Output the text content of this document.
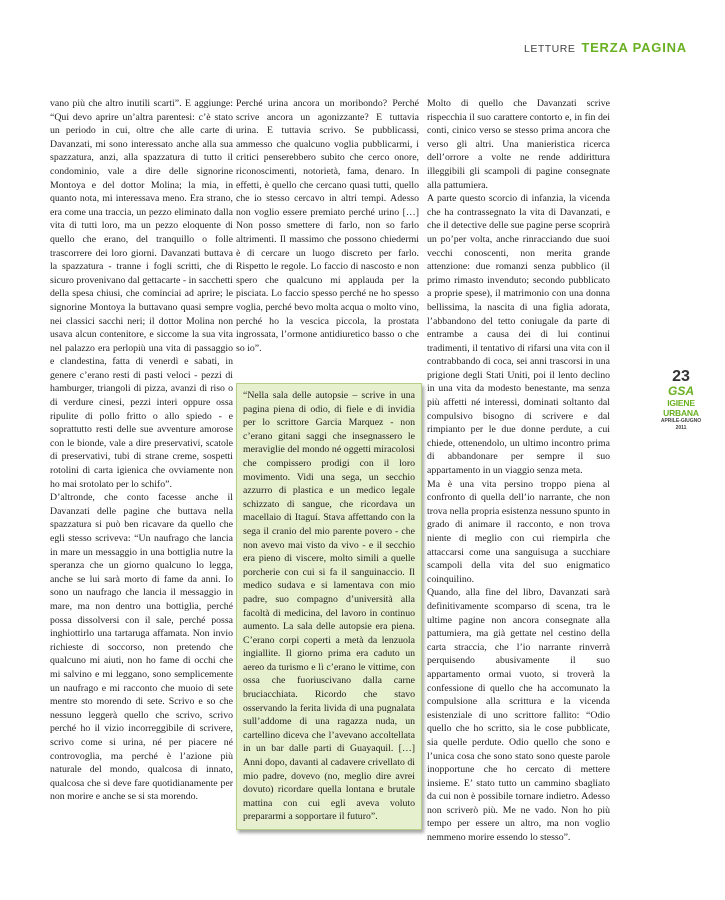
LETTURE TERZA PAGINA

vano più che altro inutili scarti”. E aggiunge: “Qui devo aprire un’altra parentesi: c’è stato un periodo in cui, oltre che alle carte di Davanzati, mi sono interessato anche alla sua spazzatura, anzi, alla spazzatura di tutto il condominio, vale a dire delle signorine Montoya e del dottor Molina; la mia, in quanto nota, mi interessava meno. Era strano, era come una traccia, un pezzo eliminato dalla vita di tutti loro, ma un pezzo eloquente di quello che erano, del tranquillo o folle trascorrere dei loro giorni. Davanzati buttava la spazzatura - tranne i fogli scritti, che di sicuro provenivano dal gettacarte - in sacchetti della spesa chiusi, che cominciai ad aprire; le signorine Montoya la buttavano quasi sempre nei classici sacchi neri; il dottor Molina non usava alcun contenitore, e siccome la sua vita nel palazzo era perlopiù una vita di passaggio e clandestina, fatta di venerdì e sabati, in genere c’erano resti di pasti veloci - pezzi di hamburger, triangoli di pizza, avanzi di riso o di verdure cinesi, pezzi interi oppure ossa ripulite di pollo fritto o allo spiedo - e soprattutto resti delle sue avventure amorose con le bionde, vale a dire preservativi, scatole di preservativi, tubi di strane creme, sospetti rotolini di carta igienica che ovviamente non ho mai srotolato per lo schifo”.

D’altronde, che conto facesse anche il Davanzati delle pagine che buttava nella spazzatura si può ben ricavare da quello che egli stesso scriveva: “Un naufrago che lancia in mare un messaggio in una bottiglia nutre la speranza che un giorno qualcuno lo legga, anche se lui sarà morto di fame da anni. Io sono un naufrago che lancia il messaggio in mare, ma non dentro una bottiglia, perché possa dissolversi con il sale, perché possa inghiottirlo una tartaruga affamata. Non invio richieste di soccorso, non pretendo che qualcuno mi aiuti, non ho fame di occhi che mi salvino e mi leggano, sono semplicemente un naufrago e mi racconto che muoio di sete mentre sto morendo di sete. Scrivo e so che nessuno leggerà quello che scrivo, scrivo perché ho il vizio incorreggibile di scrivere, scrivo come si urina, né per piacere né controvoglia, ma perché è l’azione più naturale del mondo, qualcosa di innato, qualcosa che si deve fare quotidianamente per non morire e anche se si sta morendo.

Perché urina ancora un moribondo? Perché scrive ancora un agonizzante? E tuttavia urina. E tuttavia scrivo. Se pubblicassi, ammesso che qualcuno voglia pubblicarmi, i critici penserebbero subito che cerco onore, riconoscimenti, notorietà, fama, denaro. In effetti, è quello che cercano quasi tutti, quello che io stesso cercavo in altri tempi. Adesso non voglio essere premiato perché urino […] Non posso smettere di farlo, non so farlo altrimenti. Il massimo che possono chiedermi è di cercare un luogo discreto per farlo. Rispetto le regole. Lo faccio di nascosto e non spero che qualcuno mi applauda per la pisciata. Lo faccio spesso perché ne ho spesso voglia, perché bevo molta acqua o molto vino, perché ho la vescica piccola, la prostata ingrossata, l’ormone antidiuretico basso o che so io”.

“Nella sala delle autopsie – scrive in una pagina piena di odio, di fiele e di invidia per lo scrittore Garcia Marquez - non c’erano gitani saggi che insegnassero le meraviglie del mondo né oggetti miracolosi che compissero prodigi con il loro movimento. Vidi una sega, un secchio azzurro di plastica e un medico legale schizzato di sangue, che ricordava un macellaio di Itaguí. Stava affettando con la sega il cranio del mio parente povero - che non avevo mai visto da vivo - e il secchio era pieno di viscere, molto simili a quelle porcherie con cui si fa il sanguinaccio. Il medico sudava e si lamentava con mio padre, suo compagno d’università alla facoltà di medicina, del lavoro in continuo aumento. La sala delle autopsie era piena. C’erano corpi coperti a metà da lenzuola ingiallite. Il giorno prima era caduto un aereo da turismo e lì c’erano le vittime, con ossa che fuoriuscivano dalla carne bruciacchiata. Ricordo che stavo osservando la ferita livida di una pugnalata sull’addome di una ragazza nuda, un cartellino diceva che l’avevano accoltellata in un bar dalle parti di Guayaquil. […] Anni dopo, davanti al cadavere crivellato di mio padre, dovevo (no, meglio dire avrei dovuto) ricordare quella lontana e brutale mattina con cui egli aveva voluto prepararmi a sopportare il futuro”.

Molto di quello che Davanzati scrive rispecchia il suo carattere contorto e, in fin dei conti, cinico verso se stesso prima ancora che verso gli altri. Una manieristica ricerca dell’orrore a volte ne rende addirittura illeggibili gli scampoli di pagine consegnate alla pattumiera.

A parte questo scorcio di infanzia, la vicenda che ha contrassegnato la vita di Davanzati, e che il detective delle sue pagine perse scoprirà un po’per volta, anche rinracciando due suoi vecchi conoscenti, non merita grande attenzione: due romanzi senza pubblico (il primo rimasto invenduto; secondo pubblicato a proprie spese), il matrimonio con una donna bellissima, la nascita di una figlia adorata, l’abbandono del tetto coniugale da parte di entrambe a causa dei di lui continui tradimenti, il tentativo di rifarsi una vita con il contrabbando di coca, sei anni trascorsi in una prigione degli Stati Uniti, poi il lento declino in una vita da modesto benestante, ma senza più affetti né interessi, dominati soltanto dal compulsivo bisogno di scrivere e dal rimpianto per le due donne perdute, a cui chiede, ottenendolo, un ultimo incontro prima di abbandonare per sempre il suo appartamento in un viaggio senza meta.

Ma è una vita persino troppo piena al confronto di quella dell’io narrante, che non trova nella propria esistenza nessuno spunto in grado di animare il racconto, e non trova niente di meglio con cui riempirla che attaccarsi come una sanguisuga a succhiare scampoli della vita del suo enigmatico coinquilino.

Quando, alla fine del libro, Davanzati sarà definitivamente scomparso di scena, tra le ultime pagine non ancora consegnate alla pattumiera, ma già gettate nel cestino della carta straccia, che l’io narrante rinverrà perquisendo abusivamente il suo appartamento ormai vuoto, si troverà la confessione di quello che ha accomunato la compulsione alla scrittura e la vicenda esistenziale di uno scrittore fallito: “Odio quello che ho scritto, sia le cose pubblicate, sia quelle perdute. Odio quello che sono e l’unica cosa che sono stato sono queste parole inopportune che ho cercato di mettere insieme. E’ stato tutto un cammino sbagliato da cui non è possibile tornare indietro. Adesso non scriverò più. Me ne vado. Non ho più tempo per essere un altro, ma non voglio nemmeno morire essendo lo stesso”.

23
GSA
IGIENE URBANA
APRILE-GIUGNO 2011
